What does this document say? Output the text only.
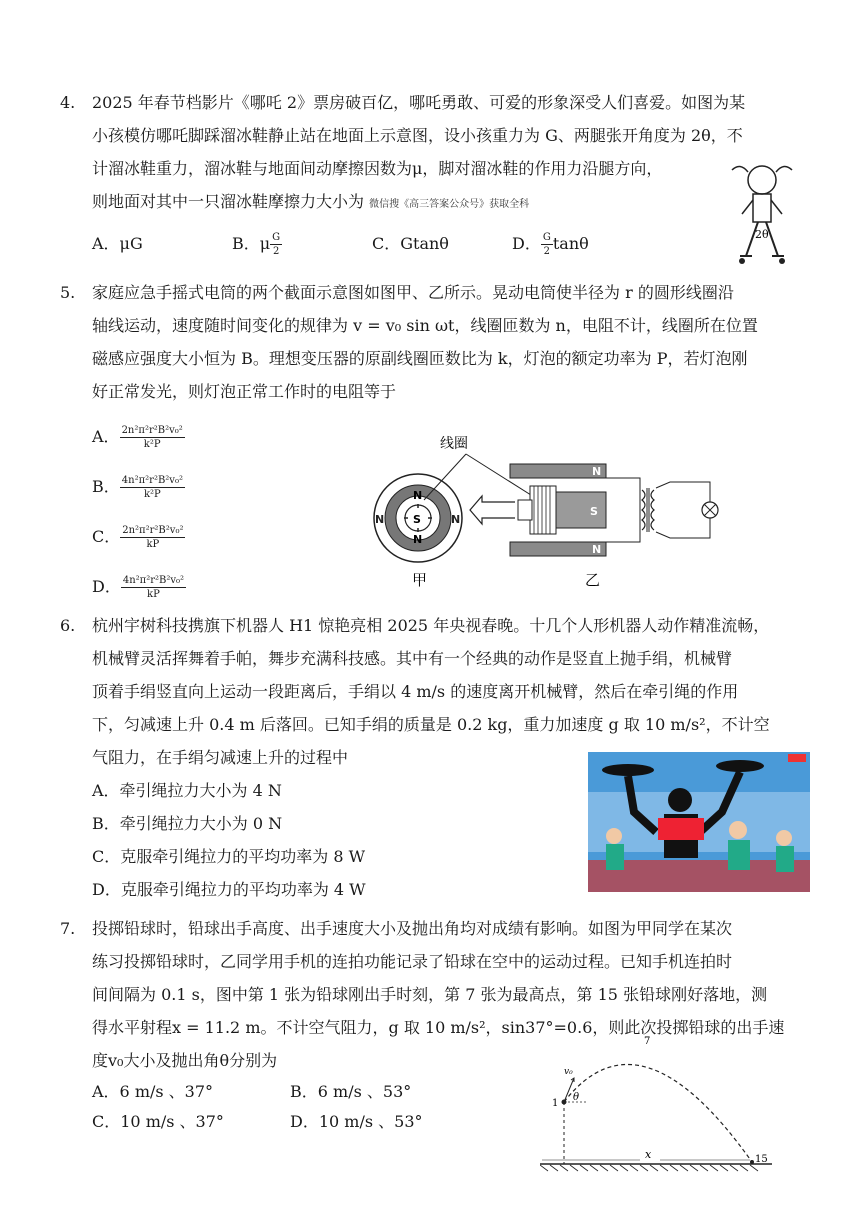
4. 2025 年春节档影片《哪吒 2》票房破百亿，哪吒勇敢、可爱的形象深受人们喜爱。如图为某

小孩模仿哪吒脚踩溜冰鞋静止站在地面上示意图，设小孩重力为 G、两腿张开角度为 2θ，不

计溜冰鞋重力，溜冰鞋与地面间动摩擦因数为μ，脚对溜冰鞋的作用力沿腿方向，

则地面对其中一只溜冰鞋摩擦力大小为 微信搜《高三答案公众号》获取全科

A．μG	B．μ $\frac{G}{2}$	C．Gtanθ	D． $\frac{G}{2}$ tanθ	2θ

5. 家庭应急手摇式电筒的两个截面示意图如图甲、乙所示。晃动电筒使半径为 r 的圆形线圈沿

轴线运动，速度随时间变化的规律为 v = v₀ sin ωt，线圈匝数为 n，电阻不计，线圈所在位置

磁感应强度大小恒为 B。理想变压器的原副线圈匝数比为 k，灯泡的额定功率为 P，若灯泡刚

好正常发光，则灯泡正常工作时的电阻等于

A． $\frac{\text{2n²π²r²B²v₀²}}{\text{k²P}}$
B． $\frac{\text{4n²π²r²B²v₀²}}{\text{k²P}}$
C． $\frac{\text{2n²π²r²B²v₀²}}{kP}$
D． $\frac{\text{4n²π²r²B²v₀²}}{kP}$
S
N
N
N	N
甲
线圈
N
N
S
乙

6. 杭州宇树科技携旗下机器人 H1 惊艳亮相 2025 年央视春晚。十几个人形机器人动作精准流畅，

机械臂灵活挥舞着手帕，舞步充满科技感。其中有一个经典的动作是竖直上抛手绢，机械臂

顶着手绢竖直向上运动一段距离后，手绢以 4 m/s 的速度离开机械臂，然后在牵引绳的作用

下，匀减速上升 0.4 m 后落回。已知手绢的质量是 0.2 kg，重力加速度 g 取 10 m/s²，不计空

气阻力，在手绢匀减速上升的过程中

A．牵引绳拉力大小为 4 N

B．牵引绳拉力大小为 0 N

C．克服牵引绳拉力的平均功率为 8 W

D．克服牵引绳拉力的平均功率为 4 W

7. 投掷铅球时，铅球出手高度、出手速度大小及抛出角均对成绩有影响。如图为甲同学在某次

练习投掷铅球时，乙同学用手机的连拍功能记录了铅球在空中的运动过程。已知手机连拍时

间间隔为 0.1 s，图中第 1 张为铅球刚出手时刻，第 7 张为最高点，第 15 张铅球刚好落地，测

得水平射程x = 11.2 m。不计空气阻力，g 取 10 m/s²，sin37°=0.6，则此次投掷铅球的出手速

度v₀大小及抛出角θ分别为

A．6 m/s 、37°	B．6 m/s 、53°
C．10 m/s 、37°	D．10 m/s 、53°
7
1
15
x
v₀
θ
